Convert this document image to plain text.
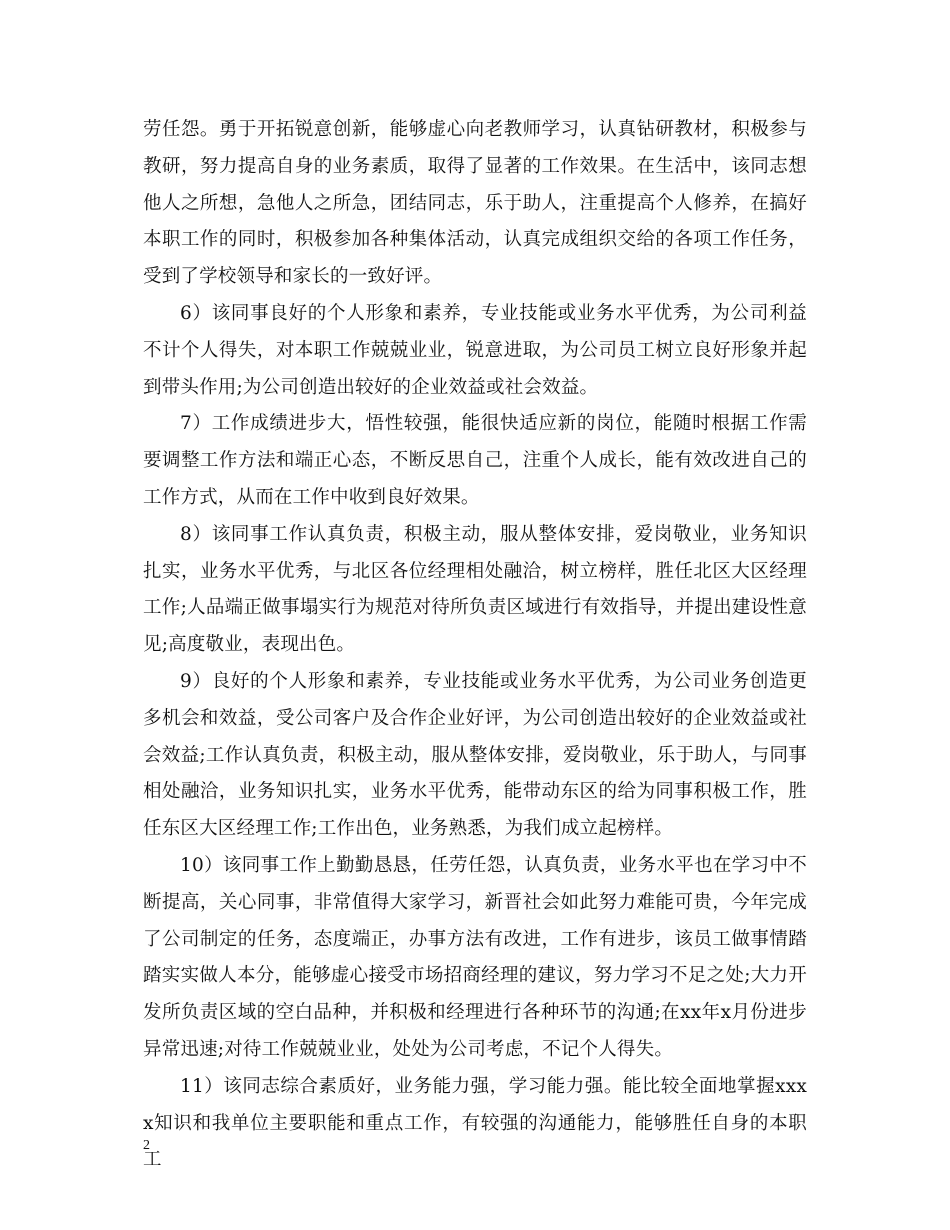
劳任怨。勇于开拓锐意创新，能够虚心向老教师学习，认真钻研教材，积极参与教研，努力提高自身的业务素质，取得了显著的工作效果。在生活中，该同志想他人之所想，急他人之所急，团结同志，乐于助人，注重提高个人修养，在搞好本职工作的同时，积极参加各种集体活动，认真完成组织交给的各项工作任务，受到了学校领导和家长的一致好评。

6）该同事良好的个人形象和素养，专业技能或业务水平优秀，为公司利益不计个人得失，对本职工作兢兢业业，锐意进取，为公司员工树立良好形象并起到带头作用;为公司创造出较好的企业效益或社会效益。

7）工作成绩进步大，悟性较强，能很快适应新的岗位，能随时根据工作需要调整工作方法和端正心态，不断反思自己，注重个人成长，能有效改进自己的工作方式，从而在工作中收到良好效果。

8）该同事工作认真负责，积极主动，服从整体安排，爱岗敬业，业务知识扎实，业务水平优秀，与北区各位经理相处融洽，树立榜样，胜任北区大区经理工作;人品端正做事塌实行为规范对待所负责区域进行有效指导，并提出建设性意见;高度敬业，表现出色。

9）良好的个人形象和素养，专业技能或业务水平优秀，为公司业务创造更多机会和效益，受公司客户及合作企业好评，为公司创造出较好的企业效益或社会效益;工作认真负责，积极主动，服从整体安排，爱岗敬业，乐于助人，与同事相处融洽，业务知识扎实，业务水平优秀，能带动东区的给为同事积极工作，胜任东区大区经理工作;工作出色，业务熟悉，为我们成立起榜样。

10）该同事工作上勤勤恳恳，任劳任怨，认真负责，业务水平也在学习中不断提高，关心同事，非常值得大家学习，新晋社会如此努力难能可贵，今年完成了公司制定的任务，态度端正，办事方法有改进，工作有进步，该员工做事情踏踏实实做人本分，能够虚心接受市场招商经理的建议，努力学习不足之处;大力开发所负责区域的空白品种，并积极和经理进行各种环节的沟通;在xx年x月份进步异常迅速;对待工作兢兢业业，处处为公司考虑，不记个人得失。

11）该同志综合素质好，业务能力强，学习能力强。能比较全面地掌握xxxx知识和我单位主要职能和重点工作，有较强的沟通能力，能够胜任自身的本职工

2
